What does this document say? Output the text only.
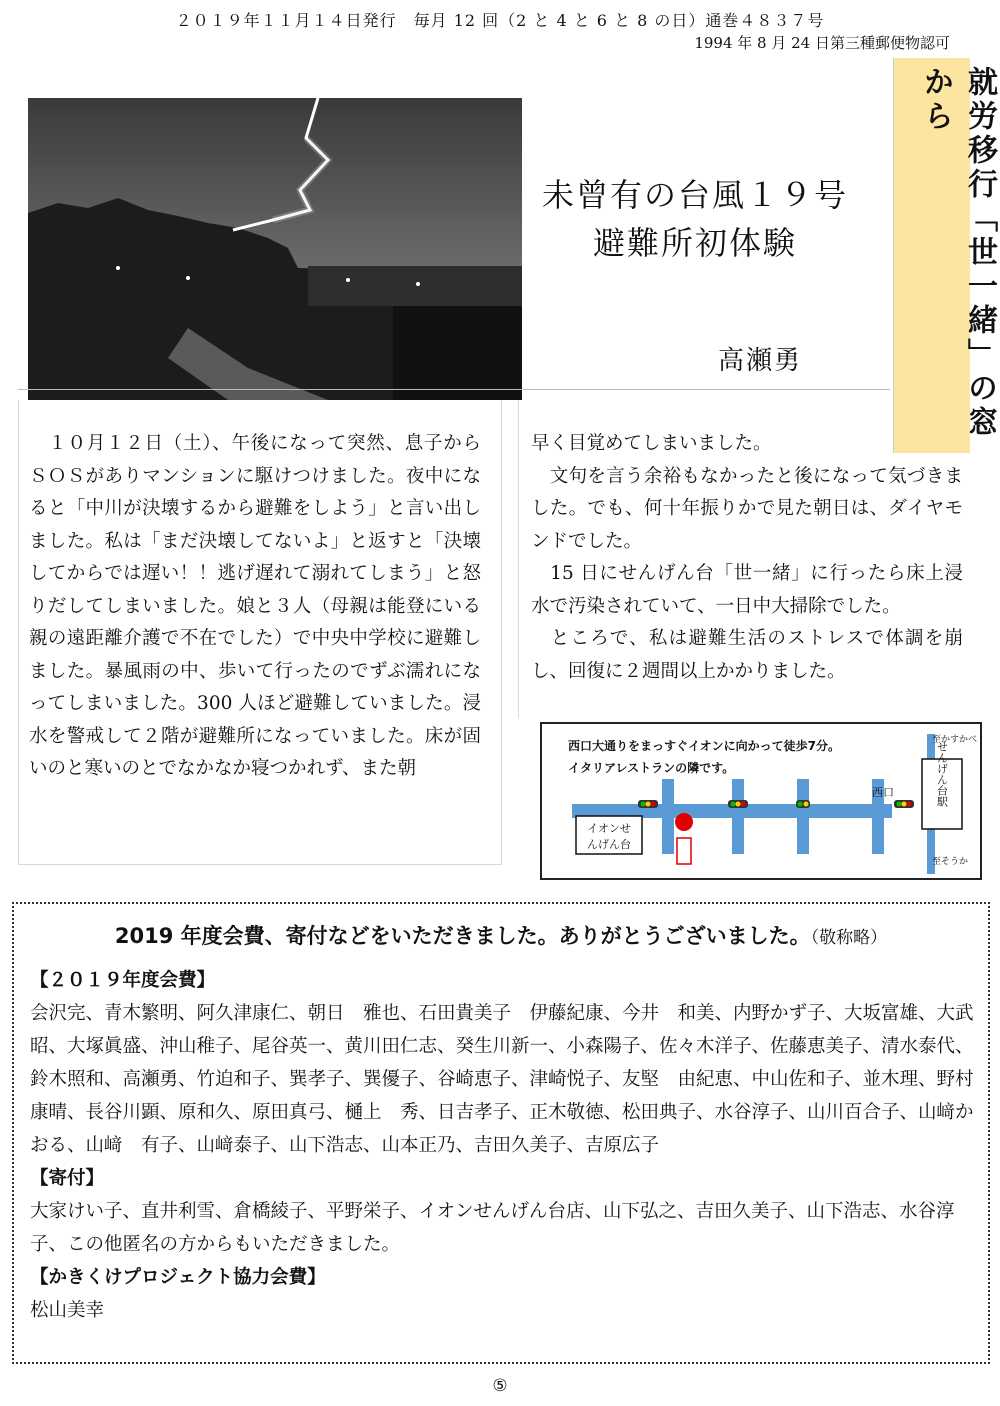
２０１９年１１月１４日発行　毎月 12 回（2 と 4 と 6 と 8 の日）通巻４８３７号
1994 年 8 月 24 日第三種郵便物認可
就労移行「世一緒」の窓から
未曾有の台風１９号
避難所初体験
高瀬勇
　１０月１２日（土）、午後になって突然、息子からＳＯＳがありマンションに駆けつけました。夜中になると「中川が決壊するから避難をしよう」と言い出しました。私は「まだ決壊してないよ」と返すと「決壊してからでは遅い！！逃げ遅れて溺れてしまう」と怒りだしてしまいました。娘と３人（母親は能登にいる親の遠距離介護で不在でした）で中央中学校に避難しました。暴風雨の中、歩いて行ったのでずぶ濡れになってしまいました。300 人ほど避難していました。浸水を警戒して２階が避難所になっていました。床が固いのと寒いのとでなかなか寝つかれず、また朝
早く目覚めてしまいました。
　文句を言う余裕もなかったと後になって気づきました。でも、何十年振りかで見た朝日は、ダイヤモンドでした。
　15 日にせんげん台「世一緒」に行ったら床上浸水で汚染されていて、一日中大掃除でした。
　ところで、私は避難生活のストレスで体調を崩し、回復に２週間以上かかりました。
西口大通りをまっすぐイオンに向かって徒歩7分。
イタリアレストランの隣です。	せんげん台駅
至かすかべ
至そうか
西口
イオンせ
んげん台
2019 年度会費、寄付などをいただきました。ありがとうございました。（敬称略）
【２０１９年度会費】
会沢完、青木繁明、阿久津康仁、朝日　雅也、石田貴美子　伊藤紀康、今井　和美、内野かず子、大坂富雄、大武　昭、大塚眞盛、沖山稚子、尾谷英一、黄川田仁志、癸生川新一、小森陽子、佐々木洋子、佐藤恵美子、清水泰代、鈴木照和、高瀬勇、竹迫和子、巽孝子、巽優子、谷崎恵子、津崎悦子、友堅　由紀恵、中山佐和子、並木理、野村康晴、長谷川顕、原和久、原田真弓、樋上　秀、日吉孝子、正木敬徳、松田典子、水谷淳子、山川百合子、山﨑かおる、山﨑　有子、山﨑泰子、山下浩志、山本正乃、吉田久美子、吉原広子
【寄付】
大家けい子、直井利雪、倉橋綾子、平野栄子、イオンせんげん台店、山下弘之、吉田久美子、山下浩志、水谷淳子、この他匿名の方からもいただきました。
【かきくけプロジェクト協力会費】
松山美幸
⑤
